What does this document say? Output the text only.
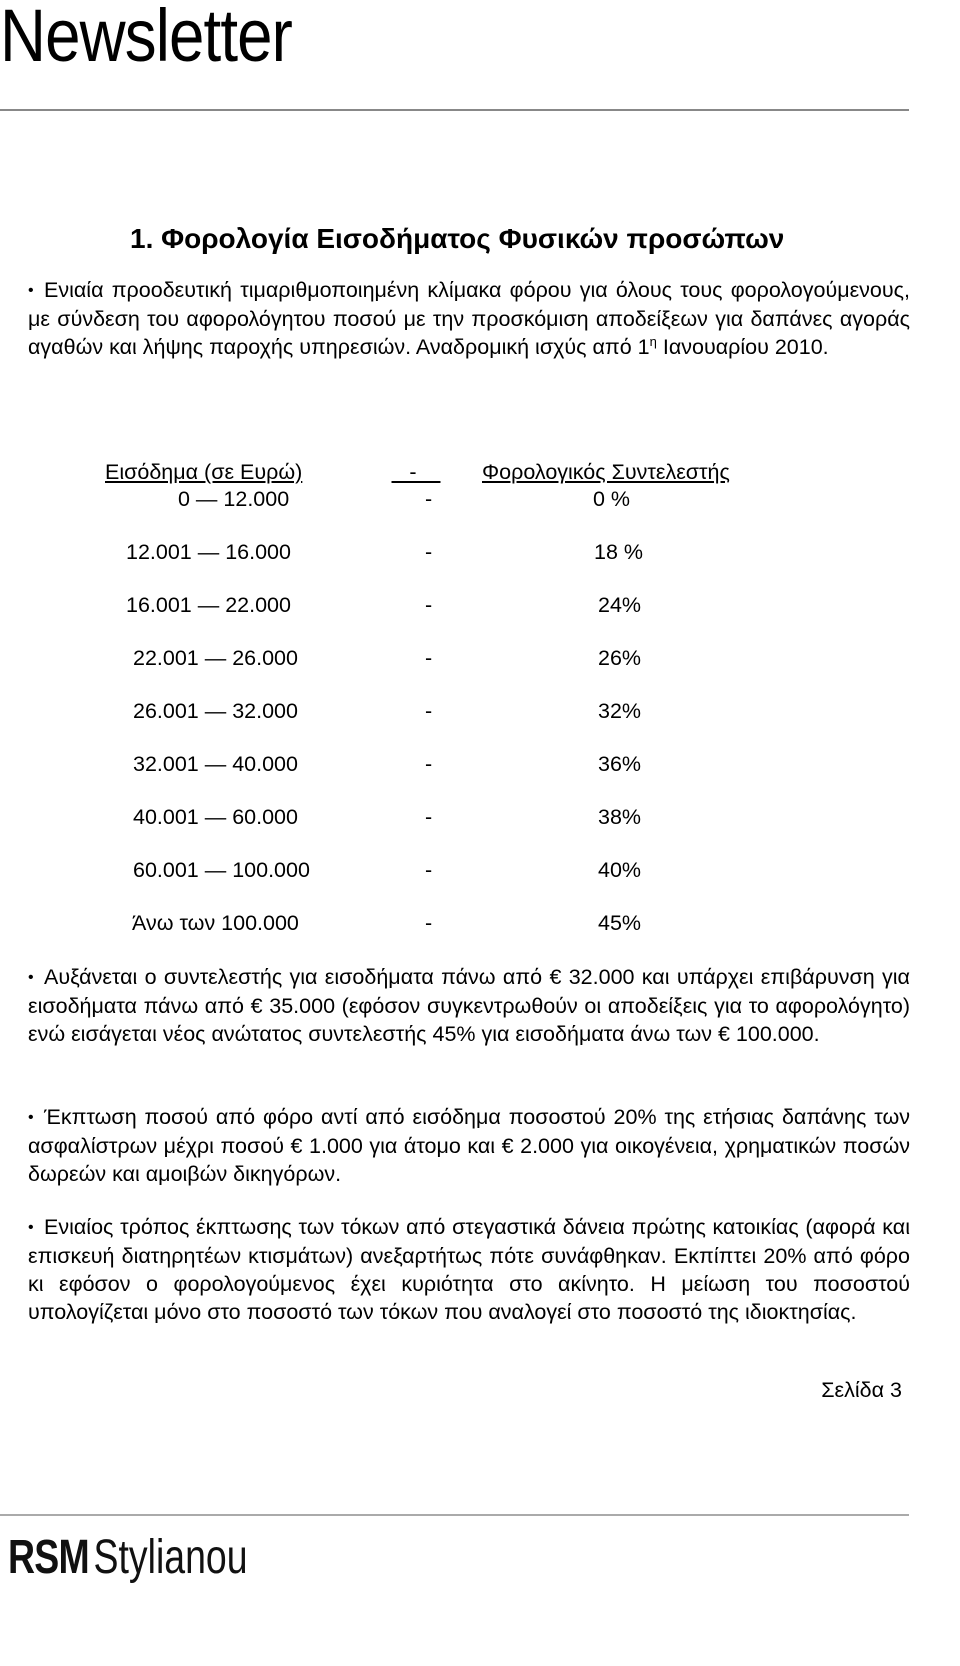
Newsletter
1. Φορολογία Εισοδήματος Φυσικών προσώπων

• Ενιαία προοδευτική τιμαριθμοποιημένη κλίμακα φόρου για όλους τους φορολογούμενους, με σύνδεση του αφορολόγητου ποσού με την προσκόμιση αποδείξεων για δαπάνες αγοράς αγαθών και λήψης παροχής υπηρεσιών. Αναδρομική ισχύς από $1^\eta$ Ιανουαρίου 2010.

Εισόδημα (σε Ευρώ)	-	Φορολογικός Συντελεστής
0 — 12.000	-	0 %
12.001 — 16.000	-	18 %
16.001 — 22.000	-	24%
22.001 — 26.000	-	26%
26.001 — 32.000	-	32%
32.001 — 40.000	-	36%
40.001 — 60.000	-	38%
60.001 — 100.000	-	40%
Άνω των 100.000	-	45%

• Αυξάνεται ο συντελεστής για εισοδήματα πάνω από € 32.000 και υπάρχει επιβάρυνση για εισοδήματα πάνω από € 35.000 (εφόσον συγκεντρωθούν οι αποδείξεις για το αφορολόγητο) ενώ εισάγεται νέος ανώτατος συντελεστής 45% για εισοδήματα άνω των € 100.000.

• Έκπτωση ποσού από φόρο αντί από εισόδημα ποσοστού 20% της ετήσιας δαπάνης των ασφαλίστρων μέχρι ποσού € 1.000 για άτομο και € 2.000 για οικογένεια, χρηματικών ποσών δωρεών και αμοιβών δικηγόρων.

• Ενιαίος τρόπος έκπτωσης των τόκων από στεγαστικά δάνεια πρώτης κατοικίας (αφορά και επισκευή διατηρητέων κτισμάτων) ανεξαρτήτως πότε συνάφθηκαν. Εκπίπτει 20% από φόρο κι εφόσον ο φορολογούμενος έχει κυριότητα στο ακίνητο. Η μείωση του ποσοστού υπολογίζεται μόνο στο ποσοστό των τόκων που αναλογεί στο ποσοστό της ιδιοκτησίας.

Σελίδα 3
RSMStylianou
